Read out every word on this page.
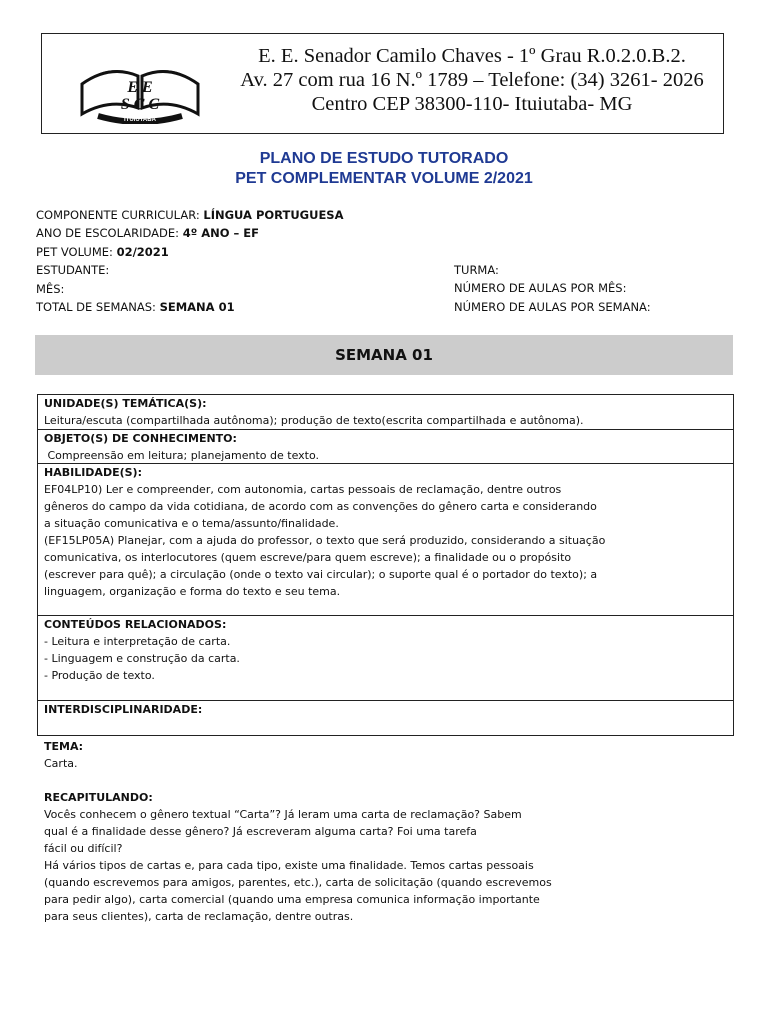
E E
S C C
ITUIUTABA
E. E. Senador Camilo Chaves - 1º Grau R.0.2.0.B.2.
Av. 27 com rua 16 N.º 1789 – Telefone: (34) 3261- 2026
Centro CEP 38300-110- Ituiutaba- MG
PLANO DE ESTUDO TUTORADO
PET COMPLEMENTAR VOLUME 2/2021
COMPONENTE CURRICULAR: LÍNGUA PORTUGUESA
ANO DE ESCOLARIDADE: 4º ANO – EF
PET VOLUME: 02/2021
ESTUDANTE:
MÊS:
TOTAL DE SEMANAS: SEMANA 01
TURMA:
NÚMERO DE AULAS POR MÊS:
NÚMERO DE AULAS POR SEMANA:
SEMANA 01
UNIDADE(S) TEMÁTICA(S):
Leitura/escuta (compartilhada autônoma); produção de texto(escrita compartilhada e autônoma).
OBJETO(S) DE CONHECIMENTO:
Compreensão em leitura; planejamento de texto.
HABILIDADE(S):
EF04LP10) Ler e compreender, com autonomia, cartas pessoais de reclamação, dentre outros
gêneros do campo da vida cotidiana, de acordo com as convenções do gênero carta e considerando
a situação comunicativa e o tema/assunto/finalidade.
(EF15LP05A) Planejar, com a ajuda do professor, o texto que será produzido, considerando a situação
comunicativa, os interlocutores (quem escreve/para quem escreve); a finalidade ou o propósito
(escrever para quê); a circulação (onde o texto vai circular); o suporte qual é o portador do texto); a
linguagem, organização e forma do texto e seu tema.
CONTEÚDOS RELACIONADOS:
- Leitura e interpretação de carta.
- Linguagem e construção da carta.
- Produção de texto.
INTERDISCIPLINARIDADE:
TEMA:
Carta.
RECAPITULANDO:
Vocês conhecem o gênero textual “Carta”? Já leram uma carta de reclamação? Sabem
qual é a finalidade desse gênero? Já escreveram alguma carta? Foi uma tarefa
fácil ou difícil?
Há vários tipos de cartas e, para cada tipo, existe uma finalidade. Temos cartas pessoais
(quando escrevemos para amigos, parentes, etc.), carta de solicitação (quando escrevemos
para pedir algo), carta comercial (quando uma empresa comunica informação importante
para seus clientes), carta de reclamação, dentre outras.
